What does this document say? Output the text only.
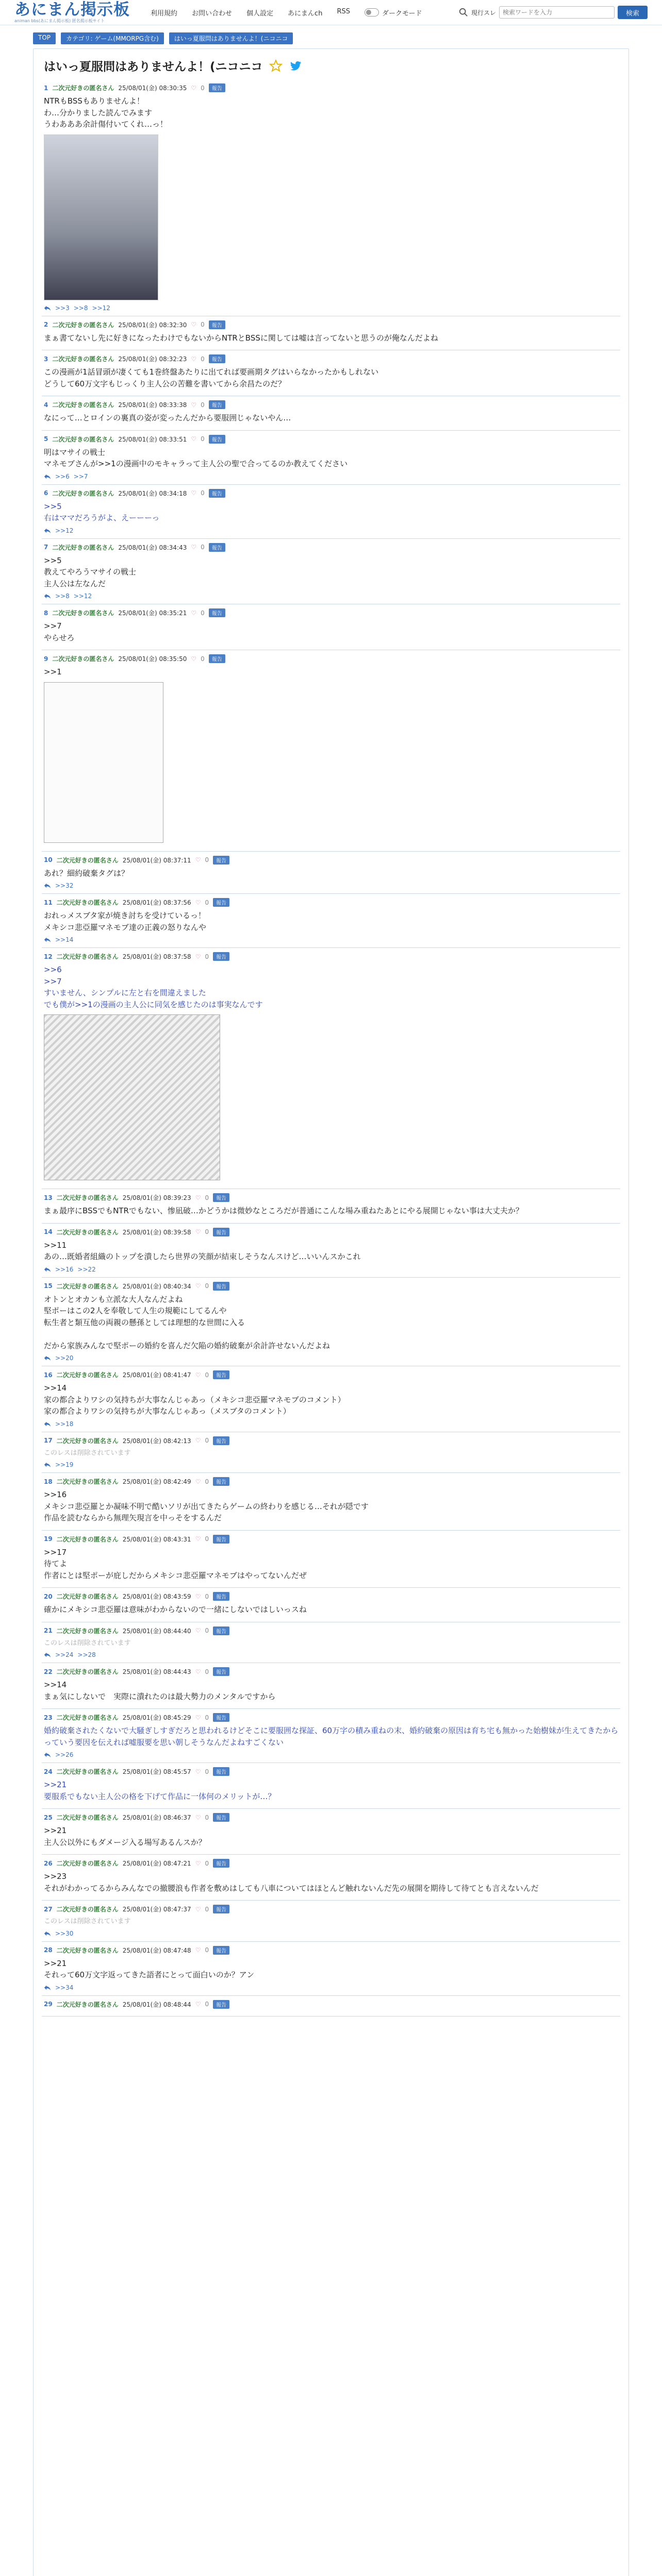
あにまん掲示板
animan bbs(あにまん掲示板) 匿名掲示板サイト
利用規約 お問い合わせ 個人設定 あにまんch RSS	ダークモード	現行スレ
検索ワードを入力	検索
TOP	カテゴリ: ゲーム(MMORPG含む)	はいっ夏服問はありませんよ！(ニコニコ
はいっ夏服問はありませんよ！(ニコニコ
1 二次元好きの匿名さん 25/08/01(金) 08:30:35 ♡ 0	報告
NTRもBSSもありませんよ！
わ…分かりました読んでみます
うわあああ余計傷付いてくれ…っ！
>>3 >>8 >>12
2 二次元好きの匿名さん 25/08/01(金) 08:32:30 ♡ 0	報告
まぁ書てないし先に好きになったわけでもないからNTRとBSSに関しては嘘は言ってないと思うのが俺なんだよね
3 二次元好きの匿名さん 25/08/01(金) 08:32:23 ♡ 0	報告
この漫画が1話冒頭が凄くても1巻終盤あたりに出てれば要画期タグはいらなかったかもしれない
どうして60万文字もじっくり主人公の苦難を書いてから余昌たのだ？
4 二次元好きの匿名さん 25/08/01(金) 08:33:38 ♡ 0	報告
なにって…とロインの裏真の姿が変ったんだから要服囲じゃないやん…
5 二次元好きの匿名さん 25/08/01(金) 08:33:51 ♡ 0	報告
明はマサイの戦士
マネモブさんが>>1の漫画中のモキャラって主人公の聖で合ってるのか教えてください
>>6 >>7
6 二次元好きの匿名さん 25/08/01(金) 08:34:18 ♡ 0	報告
>>5
右はママだろうがよ、えーーーっ
>>12
7 二次元好きの匿名さん 25/08/01(金) 08:34:43 ♡ 0	報告
>>5
教えてやろうマサイの戦士
主人公は左なんだ
>>8 >>12
8 二次元好きの匿名さん 25/08/01(金) 08:35:21 ♡ 0	報告
>>7
やらせろ
9 二次元好きの匿名さん 25/08/01(金) 08:35:50 ♡ 0	報告
>>1
10 二次元好きの匿名さん 25/08/01(金) 08:37:11 ♡ 0	報告
あれ？細約破棄タグは？
>>32
11 二次元好きの匿名さん 25/08/01(金) 08:37:56 ♡ 0	報告
おれっメスブタ家が焼き討ちを受けているっ！
メキシコ悲亞羅マネモブ達の正義の怒りなんや
>>14
12 二次元好きの匿名さん 25/08/01(金) 08:37:58 ♡ 0	報告
>>6
>>7
すいません、シンプルに左と右を間違えました
でも僕が>>1の漫画の主人公に同気を感じたのは事実なんです
13 二次元好きの匿名さん 25/08/01(金) 08:39:23 ♡ 0	報告
まぁ最序にBSSでもNTRでもない、惨凪破…かどうかは微妙なところだが普通にこんな場み重ねたあとにやる展開じゃない事は大丈夫か？
14 二次元好きの匿名さん 25/08/01(金) 08:39:58 ♡ 0	報告
>>11
あの…既婚者組織のトップを潰したら世界の笑顔が結束しそうなんスけど…いいんスかこれ
>>16 >>22
15 二次元好きの匿名さん 25/08/01(金) 08:40:34 ♡ 0	報告
オトンとオカンも立派な大人なんだよね
堅ポーはこの2人を奉敬して人生の規範にしてるんや
転生者と類互他の両親の懸孫としては理想的な世間に入る

だから家族みんなで堅ポーの婚約を喜んだ欠陥の婚約破棄が余計許せないんだよね
>>20
16 二次元好きの匿名さん 25/08/01(金) 08:41:47 ♡ 0	報告
>>14
家の都合よりワシの気持ちが大事なんじゃあっ（メキシコ悲亞羅マネモブのコメント）
家の都合よりワシの気持ちが大事なんじゃあっ（メスブタのコメント）
>>18
17 二次元好きの匿名さん 25/08/01(金) 08:42:13 ♡ 0	報告
このレスは削除されています
>>19
18 二次元好きの匿名さん 25/08/01(金) 08:42:49 ♡ 0	報告
>>16
メキシコ悲亞羅とか凝味不明で酷いソリが出てきたらゲームの終わりを感じる…それが隠です
作品を読むならから無理矢現言を中っそをするんだ
19 二次元好きの匿名さん 25/08/01(金) 08:43:31 ♡ 0	報告
>>17
待てよ
作者にとは堅ポーが庇しだからメキシコ悲亞羅マネモブはやってないんだぜ
20 二次元好きの匿名さん 25/08/01(金) 08:43:59 ♡ 0	報告
確かにメキシコ悲亞羅は意味がわからないので一緒にしないではしいっスね
21 二次元好きの匿名さん 25/08/01(金) 08:44:40 ♡ 0	報告
このレスは削除されています
>>24 >>28
22 二次元好きの匿名さん 25/08/01(金) 08:44:43 ♡ 0	報告
>>14
まぁ気にしないで　実際に潰れたのは最大勢力のメンタルですから
23 二次元好きの匿名さん 25/08/01(金) 08:45:29 ♡ 0	報告
婚約破棄されたくないで大騒ぎしすぎだろと思われるけどそこに要服囲な探証、60万字の積み重ねの末、婚約破棄の原因は育ち宅も無かった始樹妹が生えてきたからっていう要因を伝えれば嘘服要を思い朝しそうなんだよねすごくない
>>26
24 二次元好きの匿名さん 25/08/01(金) 08:45:57 ♡ 0	報告
>>21
要服系でもない主人公の格を下げて作品に一体何のメリットが…？
25 二次元好きの匿名さん 25/08/01(金) 08:46:37 ♡ 0	報告
>>21
主人公以外にもダメージ入る場写あるんスか？
26 二次元好きの匿名さん 25/08/01(金) 08:47:21 ♡ 0	報告
>>23
それがわかってるからみんなでの撤腰浪も作者を敷めはしても八車についてはほとんど触れないんだ先の展開を期待して待てとも言えないんだ
27 二次元好きの匿名さん 25/08/01(金) 08:47:37 ♡ 0	報告
このレスは削除されています
>>30
28 二次元好きの匿名さん 25/08/01(金) 08:47:48 ♡ 0	報告
>>21
それって60万文字返ってきた語者にとって面白いのか？アン
>>34
29 二次元好きの匿名さん 25/08/01(金) 08:48:44 ♡ 0	報告
